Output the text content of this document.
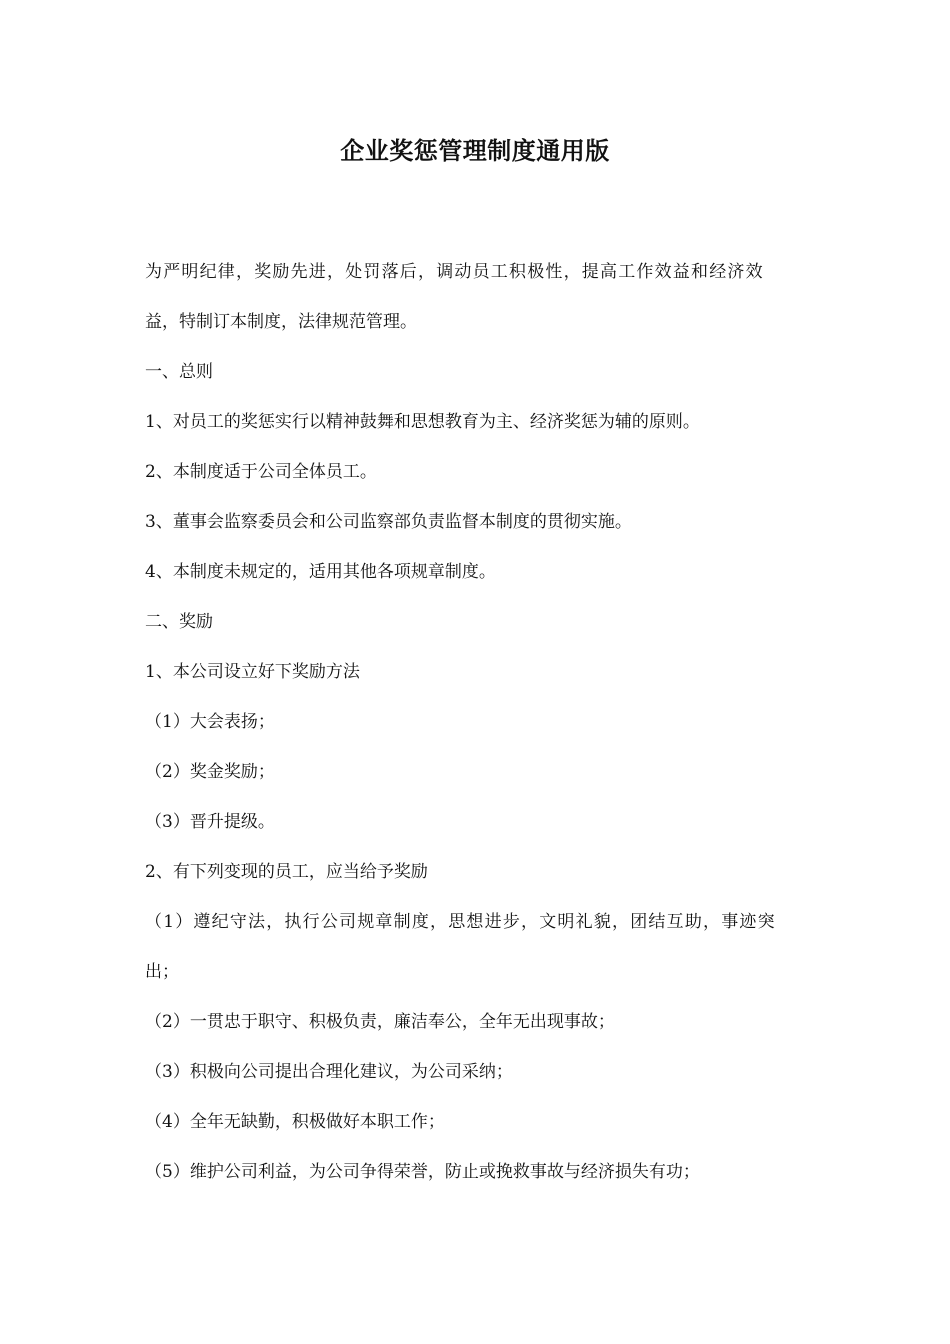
企业奖惩管理制度通用版

为严明纪律，奖励先进，处罚落后，调动员工积极性，提高工作效益和经济效

益，特制订本制度，法律规范管理。

一、总则

1、对员工的奖惩实行以精神鼓舞和思想教育为主、经济奖惩为辅的原则。

2、本制度适于公司全体员工。

3、董事会监察委员会和公司监察部负责监督本制度的贯彻实施。

4、本制度未规定的，适用其他各项规章制度。

二、奖励

1、本公司设立好下奖励方法

（1）大会表扬；

（2）奖金奖励；

（3）晋升提级。

2、有下列变现的员工，应当给予奖励

（1）遵纪守法，执行公司规章制度，思想进步，文明礼貌，团结互助，事迹突

出；

（2）一贯忠于职守、积极负责，廉洁奉公，全年无出现事故；

（3）积极向公司提出合理化建议，为公司采纳；

（4）全年无缺勤，积极做好本职工作；

（5）维护公司利益，为公司争得荣誉，防止或挽救事故与经济损失有功；
